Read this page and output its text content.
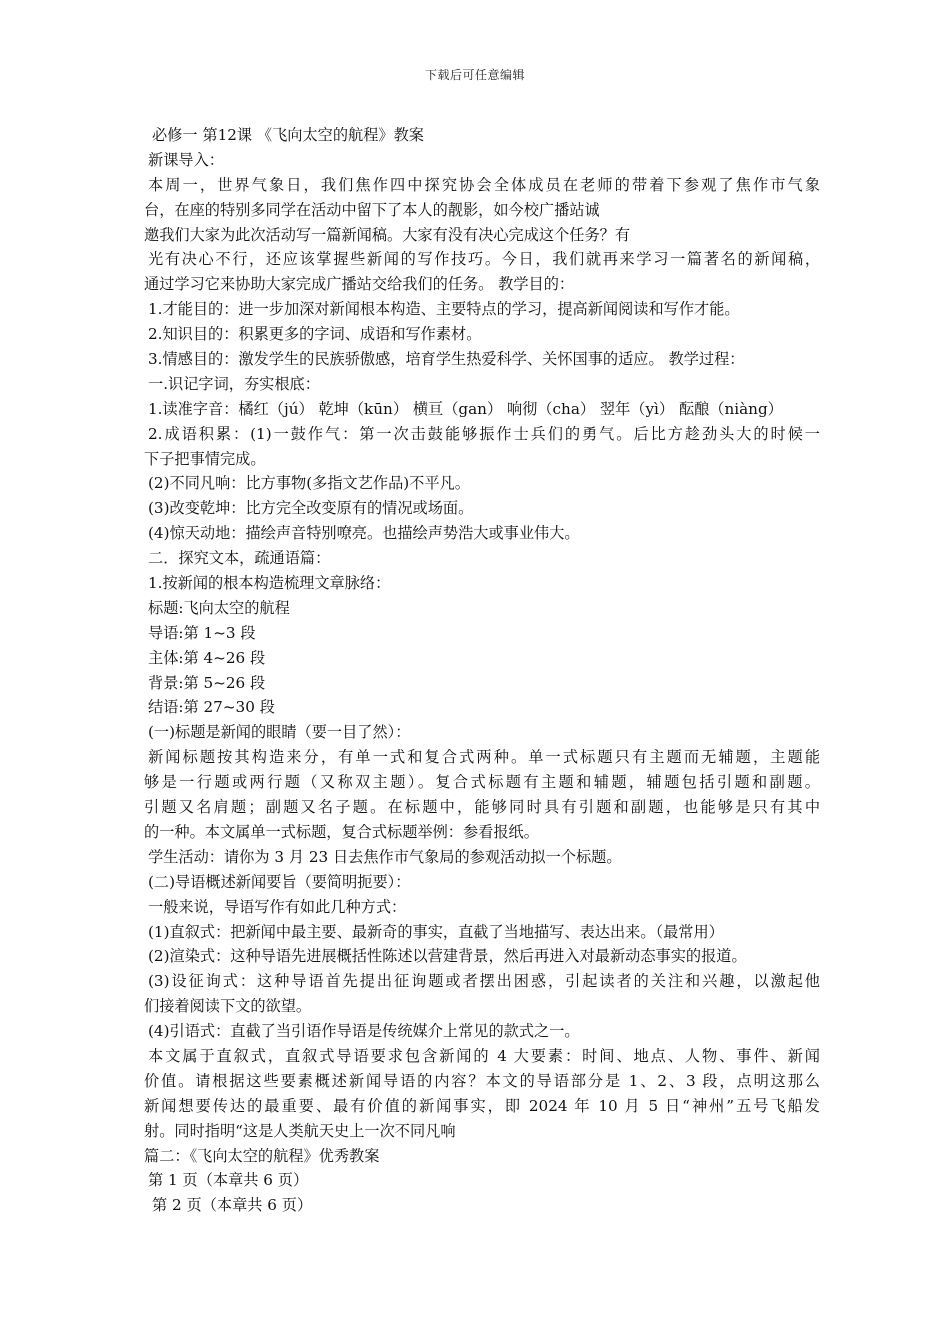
下载后可任意编辑
必修一 第12课 《飞向太空的航程》教案
新课导入：
本周一，世界气象日，我们焦作四中探究协会全体成员在老师的带着下参观了焦作市气象
台，在座的特别多同学在活动中留下了本人的靓影，如今校广播站诚
邀我们大家为此次活动写一篇新闻稿。大家有没有决心完成这个任务？有
光有决心不行，还应该掌握些新闻的写作技巧。今日，我们就再来学习一篇著名的新闻稿，
通过学习它来协助大家完成广播站交给我们的任务。 教学目的：
1.才能目的：进一步加深对新闻根本构造、主要特点的学习，提高新闻阅读和写作才能。
2.知识目的：积累更多的字词、成语和写作素材。
3.情感目的：激发学生的民族骄傲感，培育学生热爱科学、关怀国事的适应。 教学过程：
一.识记字词，夯实根底：
1.读准字音：橘红（jú） 乾坤（kūn） 横亘（gan） 响彻（cha） 翌年（yì） 酝酿（niàng）
2.成语积累：(1)一鼓作气：第一次击鼓能够振作士兵们的勇气。后比方趁劲头大的时候一
下子把事情完成。
(2)不同凡响：比方事物(多指文艺作品)不平凡。
(3)改变乾坤：比方完全改变原有的情况或场面。
(4)惊天动地：描绘声音特别嘹亮。也描绘声势浩大或事业伟大。
二．探究文本，疏通语篇：
1.按新闻的根本构造梳理文章脉络：
标题:飞向太空的航程
导语:第 1~3 段
主体:第 4~26 段
背景:第 5~26 段
结语:第 27~30 段
(一)标题是新闻的眼睛（要一目了然）：
新闻标题按其构造来分，有单一式和复合式两种。单一式标题只有主题而无辅题，主题能
够是一行题或两行题（又称双主题）。复合式标题有主题和辅题，辅题包括引题和副题。
引题又名肩题；副题又名子题。在标题中，能够同时具有引题和副题，也能够是只有其中
的一种。本文属单一式标题，复合式标题举例：参看报纸。
学生活动：请你为 3 月 23 日去焦作市气象局的参观活动拟一个标题。
(二)导语概述新闻要旨（要简明扼要）：
一般来说，导语写作有如此几种方式：
(1)直叙式：把新闻中最主要、最新奇的事实，直截了当地描写、表达出来。（最常用）
(2)渲染式：这种导语先进展概括性陈述以营建背景，然后再进入对最新动态事实的报道。
(3)设征询式：这种导语首先提出征询题或者摆出困惑，引起读者的关注和兴趣，以激起他
们接着阅读下文的欲望。
(4)引语式：直截了当引语作导语是传统媒介上常见的款式之一。
本文属于直叙式，直叙式导语要求包含新闻的 4 大要素：时间、地点、人物、事件、新闻
价值。请根据这些要素概述新闻导语的内容？本文的导语部分是 1、2、3 段，点明这那么
新闻想要传达的最重要、最有价值的新闻事实，即 2024 年 10 月 5 日“神州”五号飞船发
射。同时指明“这是人类航天史上一次不同凡响
篇二：《飞向太空的航程》优秀教案
第 1 页（本章共 6 页）
第 2 页（本章共 6 页）
